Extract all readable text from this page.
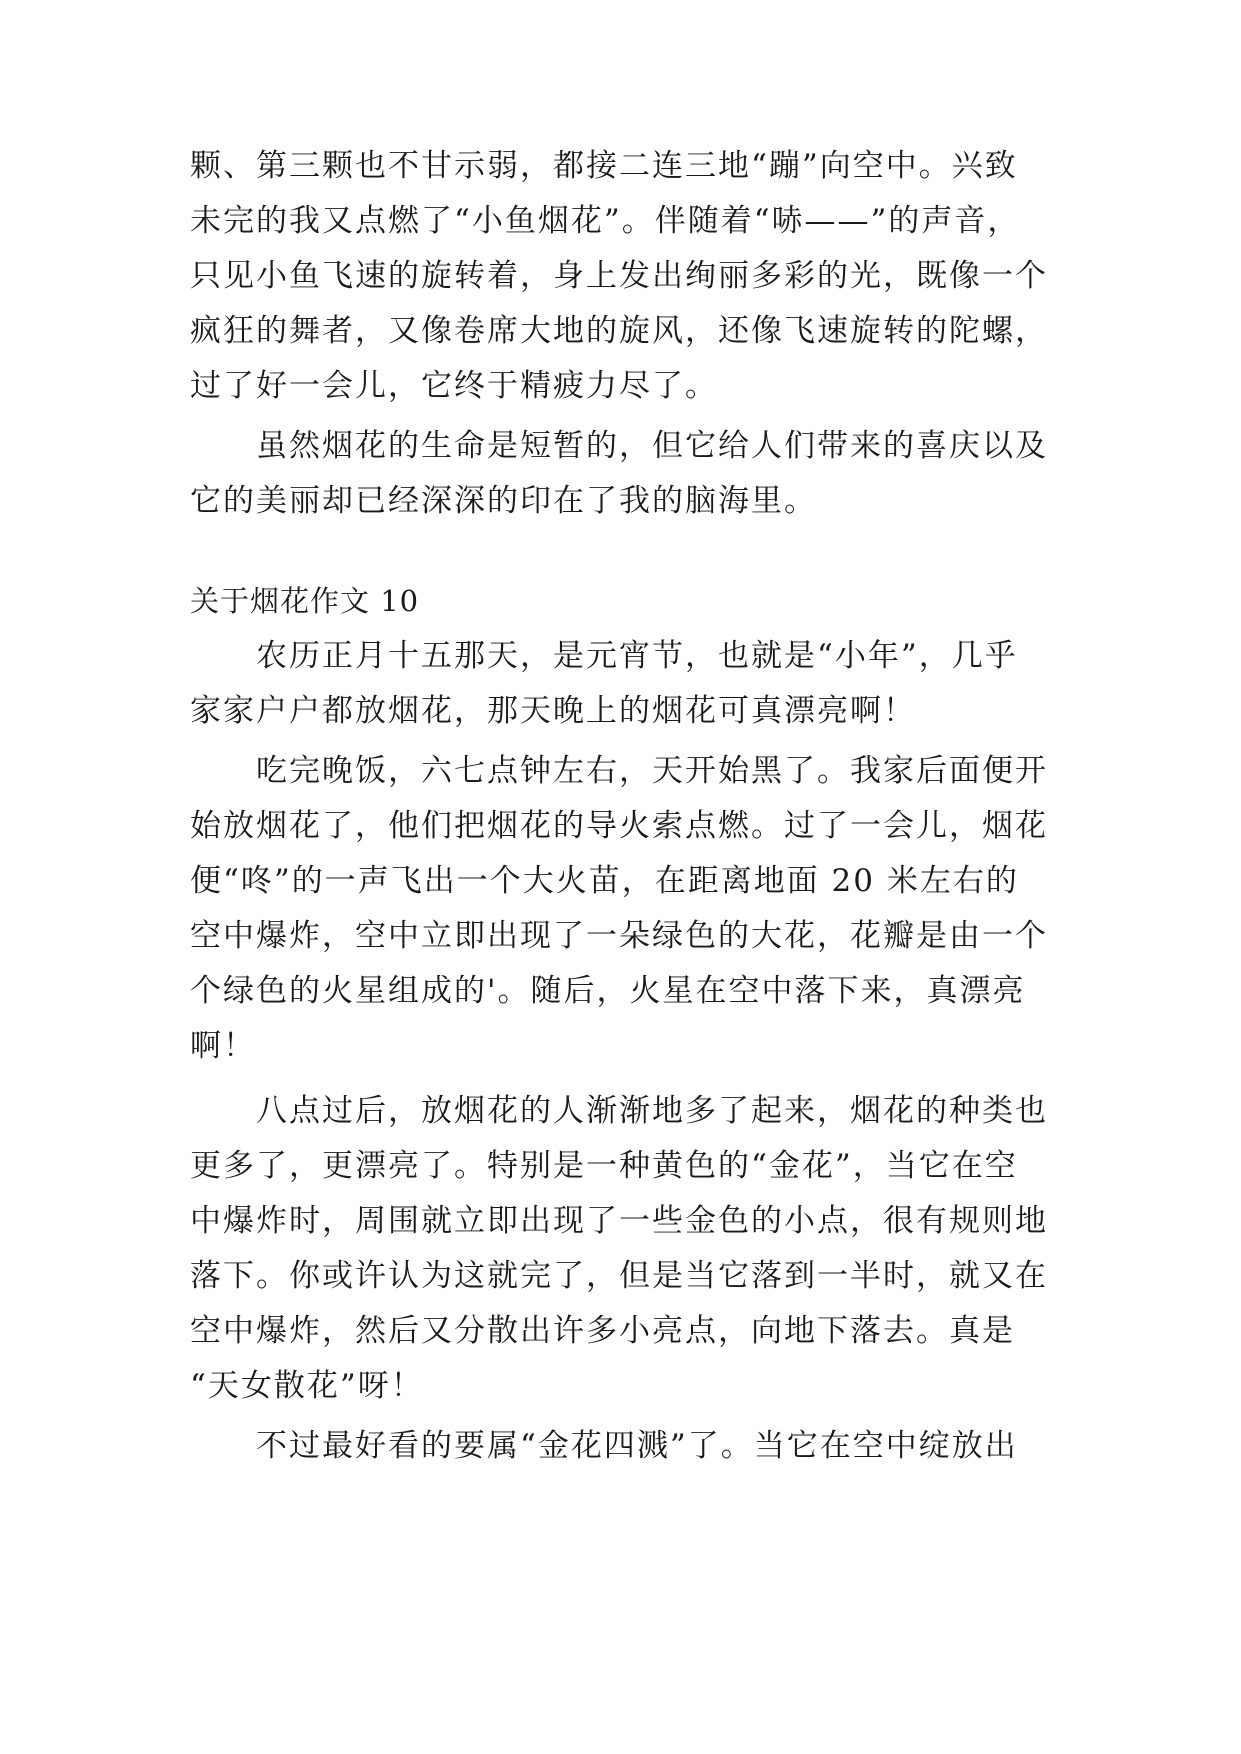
颗、第三颗也不甘示弱，都接二连三地“蹦”向空中。兴致
未完的我又点燃了“小鱼烟花”。伴随着“哧——”的声音，
只见小鱼飞速的旋转着，身上发出绚丽多彩的光，既像一个
疯狂的舞者，又像卷席大地的旋风，还像飞速旋转的陀螺，
过了好一会儿，它终于精疲力尽了。
虽然烟花的生命是短暂的，但它给人们带来的喜庆以及
它的美丽却已经深深的印在了我的脑海里。
关于烟花作文 10
农历正月十五那天，是元宵节，也就是“小年”，几乎
家家户户都放烟花，那天晚上的烟花可真漂亮啊！
吃完晚饭，六七点钟左右，天开始黑了。我家后面便开
始放烟花了，他们把烟花的导火索点燃。过了一会儿，烟花
便“咚”的一声飞出一个大火苗，在距离地面 20 米左右的
空中爆炸，空中立即出现了一朵绿色的大花，花瓣是由一个
个绿色的火星组成的'。随后，火星在空中落下来，真漂亮
啊！
八点过后，放烟花的人渐渐地多了起来，烟花的种类也
更多了，更漂亮了。特别是一种黄色的“金花”，当它在空
中爆炸时，周围就立即出现了一些金色的小点，很有规则地
落下。你或许认为这就完了，但是当它落到一半时，就又在
空中爆炸，然后又分散出许多小亮点，向地下落去。真是
“天女散花”呀！
不过最好看的要属“金花四溅”了。当它在空中绽放出
